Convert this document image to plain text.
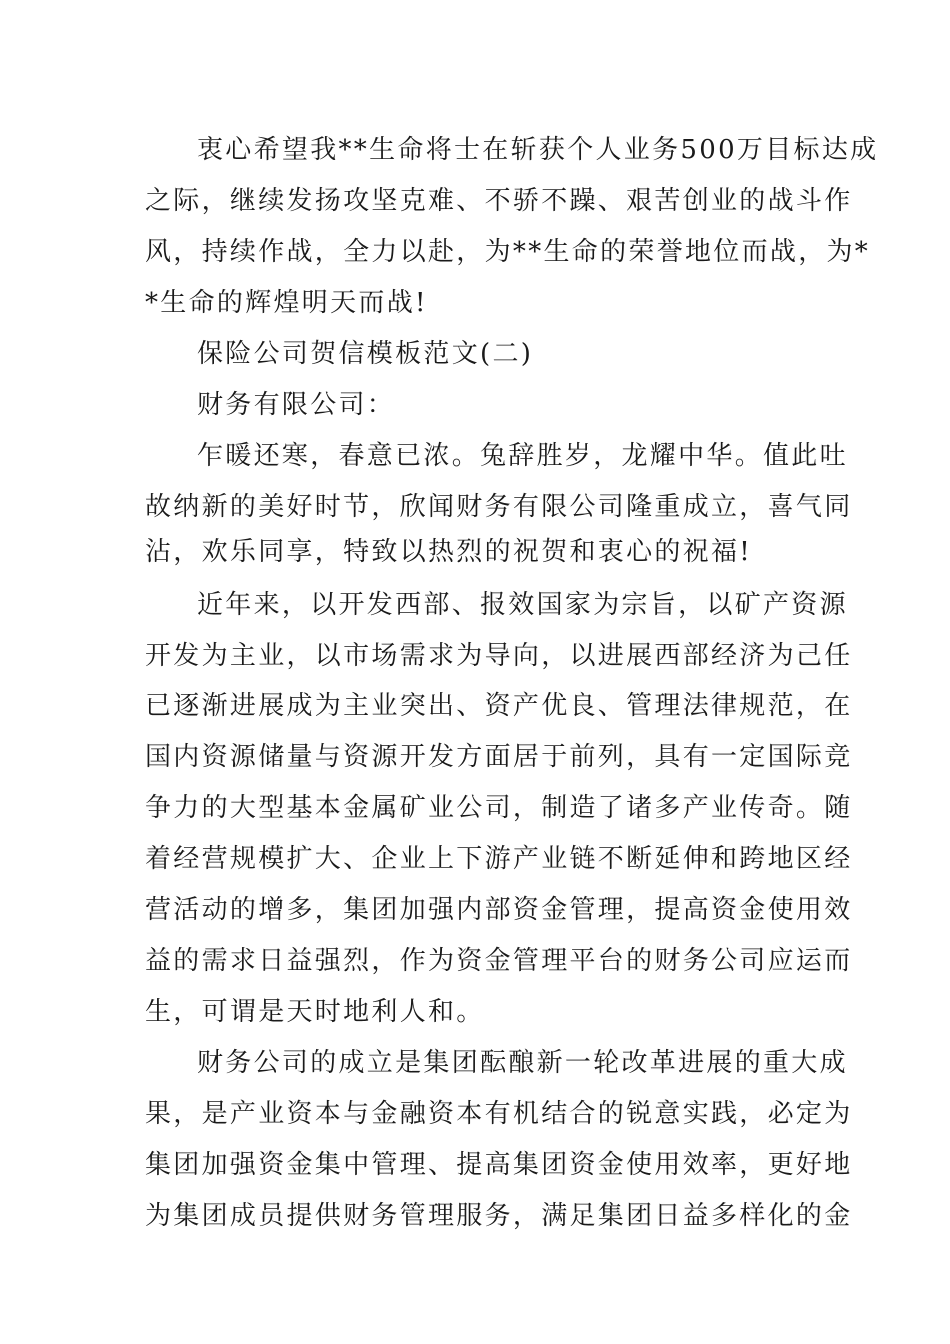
衷心希望我**生命将士在斩获个人业务500万目标达成

之际，继续发扬攻坚克难、不骄不躁、艰苦创业的战斗作

风，持续作战，全力以赴，为**生命的荣誉地位而战，为*

*生命的辉煌明天而战!

保险公司贺信模板范文(二)

财务有限公司：

乍暖还寒，春意已浓。兔辞胜岁，龙耀中华。值此吐

故纳新的美好时节，欣闻财务有限公司隆重成立，喜气同

沾，欢乐同享，特致以热烈的祝贺和衷心的祝福!

近年来，以开发西部、报效国家为宗旨，以矿产资源

开发为主业，以市场需求为导向，以进展西部经济为己任

已逐渐进展成为主业突出、资产优良、管理法律规范，在

国内资源储量与资源开发方面居于前列，具有一定国际竞

争力的大型基本金属矿业公司，制造了诸多产业传奇。随

着经营规模扩大、企业上下游产业链不断延伸和跨地区经

营活动的增多，集团加强内部资金管理，提高资金使用效

益的需求日益强烈，作为资金管理平台的财务公司应运而

生，可谓是天时地利人和。

财务公司的成立是集团酝酿新一轮改革进展的重大成

果，是产业资本与金融资本有机结合的锐意实践，必定为

集团加强资金集中管理、提高集团资金使用效率，更好地

为集团成员提供财务管理服务，满足集团日益多样化的金
